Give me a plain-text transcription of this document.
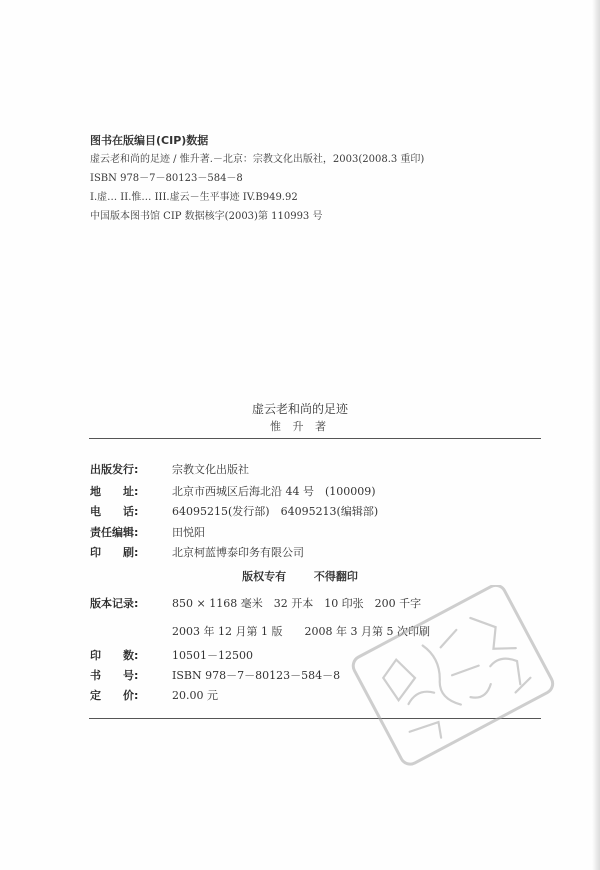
图书在版编目(CIP)数据
虚云老和尚的足迹 / 惟升著.－北京：宗教文化出版社，2003(2008.3 重印)
ISBN 978－7－80123－584－8
I.虚… II.惟… III.虚云－生平事迹 IV.B949.92
中国版本图书馆 CIP 数据核字(2003)第 110993 号
虚云老和尚的足迹
惟 升 著
出版发行:	宗教文化出版社
地　　址:	北京市西城区后海北沿 44 号　(100009)
电　　话:	64095215(发行部)　64095213(编辑部)
责任编辑:	田悦阳
印　　刷:	北京柯蓝博泰印务有限公司
版权专有	不得翻印
版本记录:	850 × 1168 毫米　32 开本　10 印张　200 千字
2003 年 12 月第 1 版　　2008 年 3 月第 5 次印刷
印　　数:	10501－12500
书　　号:	ISBN 978－7－80123－584－8
定　　价:	20.00 元
